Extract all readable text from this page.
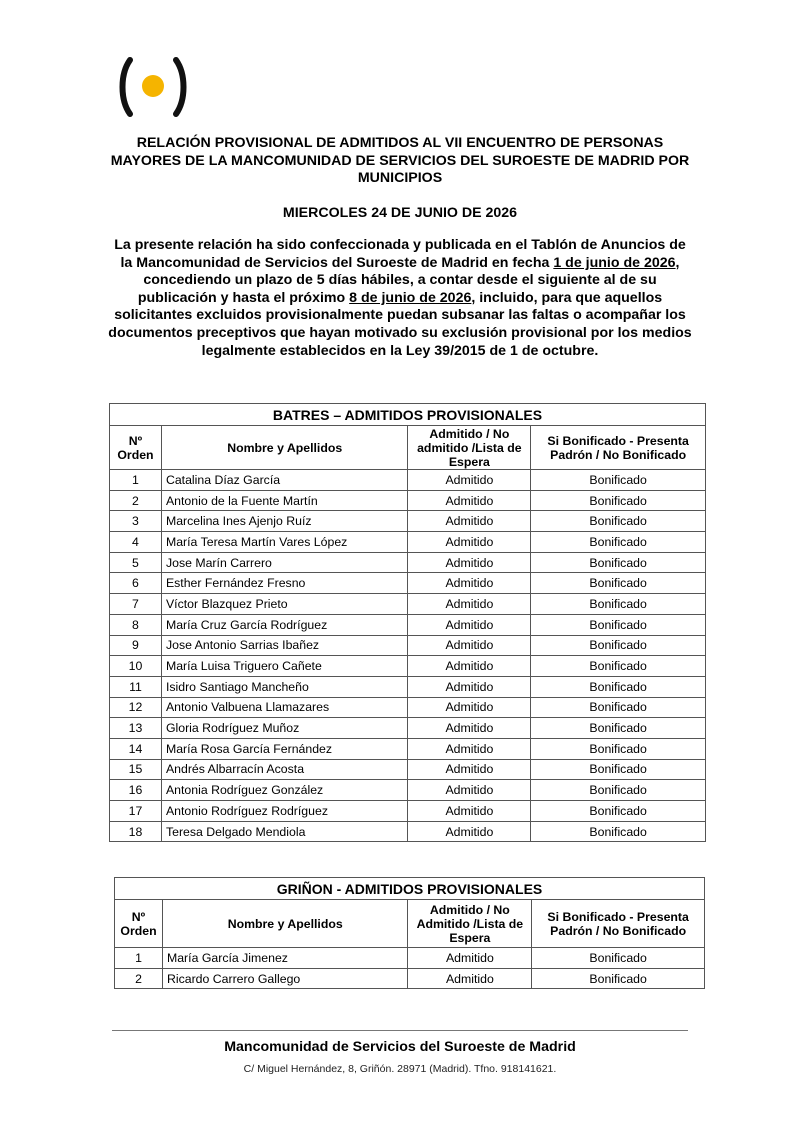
RELACIÓN PROVISIONAL DE ADMITIDOS AL VII ENCUENTRO DE PERSONAS MAYORES DE LA MANCOMUNIDAD DE SERVICIOS DEL SUROESTE DE MADRID POR MUNICIPIOS
MIERCOLES 24 DE JUNIO DE 2026
La presente relación ha sido confeccionada y publicada en el Tablón de Anuncios de la Mancomunidad de Servicios del Suroeste de Madrid en fecha 1 de junio de 2026, concediendo un plazo de 5 días hábiles, a contar desde el siguiente al de su publicación y hasta el próximo 8 de junio de 2026, incluido, para que aquellos solicitantes excluidos provisionalmente puedan subsanar las faltas o acompañar los documentos preceptivos que hayan motivado su exclusión provisional por los medios legalmente establecidos en la Ley 39/2015 de 1 de octubre.
BATRES – ADMITIDOS PROVISIONALES			
Nº Orden	Nombre y Apellidos	Admitido / No admitido /Lista de Espera	Si Bonificado - Presenta Padrón / No Bonificado
1	Catalina Díaz García	Admitido	Bonificado
2	Antonio de la Fuente Martín	Admitido	Bonificado
3	Marcelina Ines Ajenjo Ruíz	Admitido	Bonificado
4	María Teresa Martín Vares López	Admitido	Bonificado
5	Jose Marín Carrero	Admitido	Bonificado
6	Esther Fernández Fresno	Admitido	Bonificado
7	Víctor Blazquez Prieto	Admitido	Bonificado
8	María Cruz García Rodríguez	Admitido	Bonificado
9	Jose Antonio Sarrias Ibañez	Admitido	Bonificado
10	María Luisa Triguero Cañete	Admitido	Bonificado
11	Isidro Santiago Mancheño	Admitido	Bonificado
12	Antonio Valbuena Llamazares	Admitido	Bonificado
13	Gloria Rodríguez Muñoz	Admitido	Bonificado
14	María Rosa García Fernández	Admitido	Bonificado
15	Andrés Albarracín Acosta	Admitido	Bonificado
16	Antonia Rodríguez González	Admitido	Bonificado
17	Antonio Rodríguez Rodríguez	Admitido	Bonificado
18	Teresa Delgado Mendiola	Admitido	Bonificado
GRIÑON - ADMITIDOS PROVISIONALES			
Nº Orden	Nombre y Apellidos	Admitido / No Admitido /Lista de Espera	Si Bonificado - Presenta Padrón / No Bonificado
1	María García Jimenez	Admitido	Bonificado
2	Ricardo Carrero Gallego	Admitido	Bonificado
Mancomunidad de Servicios del Suroeste de Madrid
C/ Miguel Hernández, 8, Griñón. 28971 (Madrid). Tfno. 918141621.
